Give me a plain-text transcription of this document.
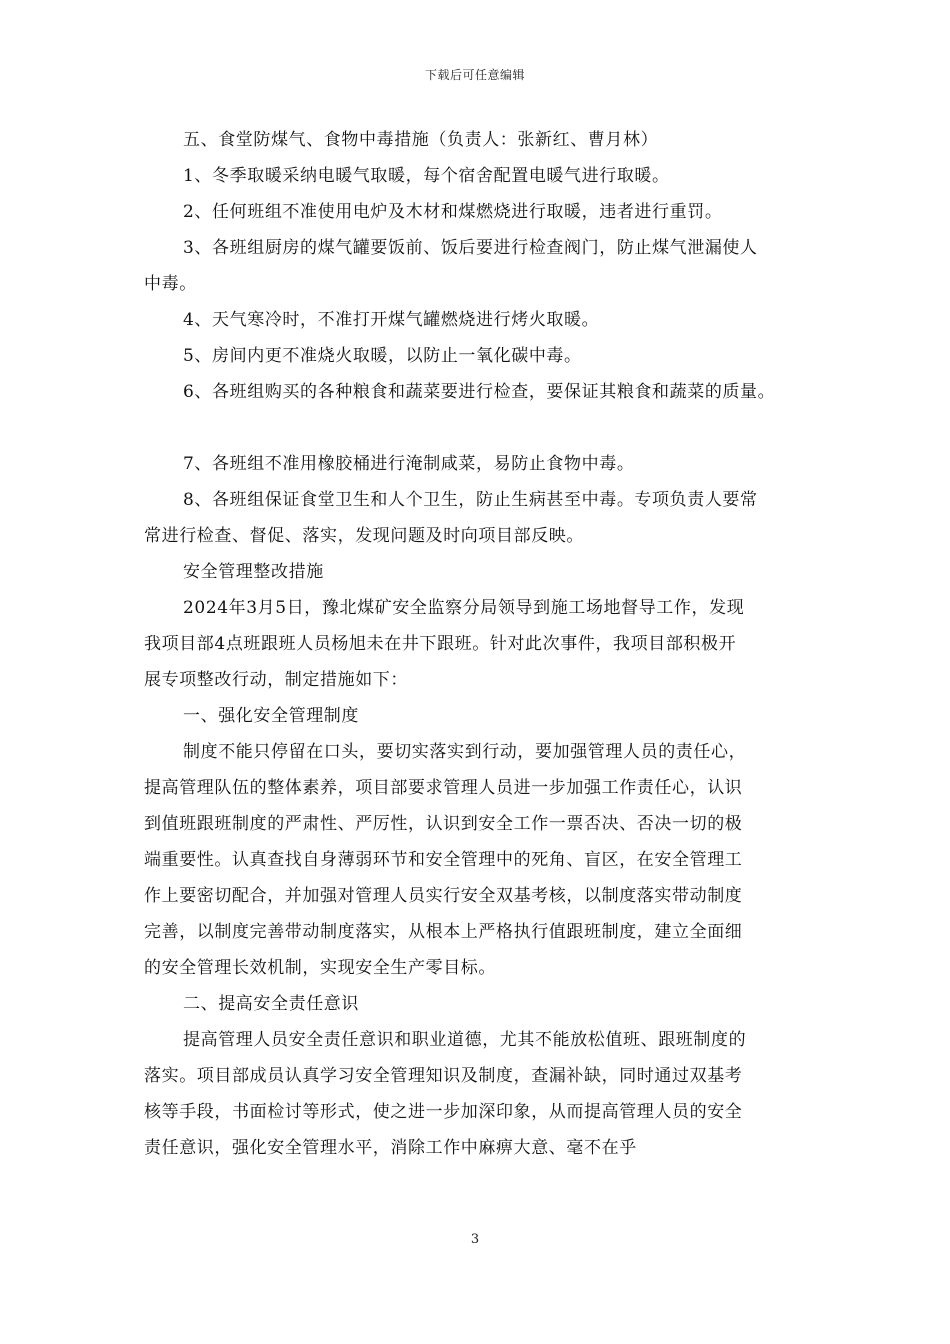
下载后可任意编辑
五、食堂防煤气、食物中毒措施（负责人：张新红、曹月林）
1、冬季取暖采纳电暖气取暖，每个宿舍配置电暖气进行取暖。
2、任何班组不准使用电炉及木材和煤燃烧进行取暖，违者进行重罚。
3、各班组厨房的煤气罐要饭前、饭后要进行检查阀门，防止煤气泄漏使人
中毒。
4、天气寒冷时，不准打开煤气罐燃烧进行烤火取暖。
5、房间内更不准烧火取暖，以防止一氧化碳中毒。
6、各班组购买的各种粮食和蔬菜要进行检查，要保证其粮食和蔬菜的质量。
7、各班组不准用橡胶桶进行淹制咸菜，易防止食物中毒。
8、各班组保证食堂卫生和人个卫生，防止生病甚至中毒。专项负责人要常
常进行检查、督促、落实，发现问题及时向项目部反映。
安全管理整改措施
2024年3月5日，豫北煤矿安全监察分局领导到施工场地督导工作，发现
我项目部4点班跟班人员杨旭未在井下跟班。针对此次事件，我项目部积极开
展专项整改行动，制定措施如下：
一、强化安全管理制度
制度不能只停留在口头，要切实落实到行动，要加强管理人员的责任心，
提高管理队伍的整体素养，项目部要求管理人员进一步加强工作责任心，认识
到值班跟班制度的严肃性、严厉性，认识到安全工作一票否决、否决一切的极
端重要性。认真查找自身薄弱环节和安全管理中的死角、盲区，在安全管理工
作上要密切配合，并加强对管理人员实行安全双基考核，以制度落实带动制度
完善，以制度完善带动制度落实，从根本上严格执行值跟班制度，建立全面细
的安全管理长效机制，实现安全生产零目标。
二、提高安全责任意识
提高管理人员安全责任意识和职业道德，尤其不能放松值班、跟班制度的
落实。项目部成员认真学习安全管理知识及制度，查漏补缺，同时通过双基考
核等手段，书面检讨等形式，使之进一步加深印象，从而提高管理人员的安全
责任意识，强化安全管理水平，消除工作中麻痹大意、毫不在乎
3
